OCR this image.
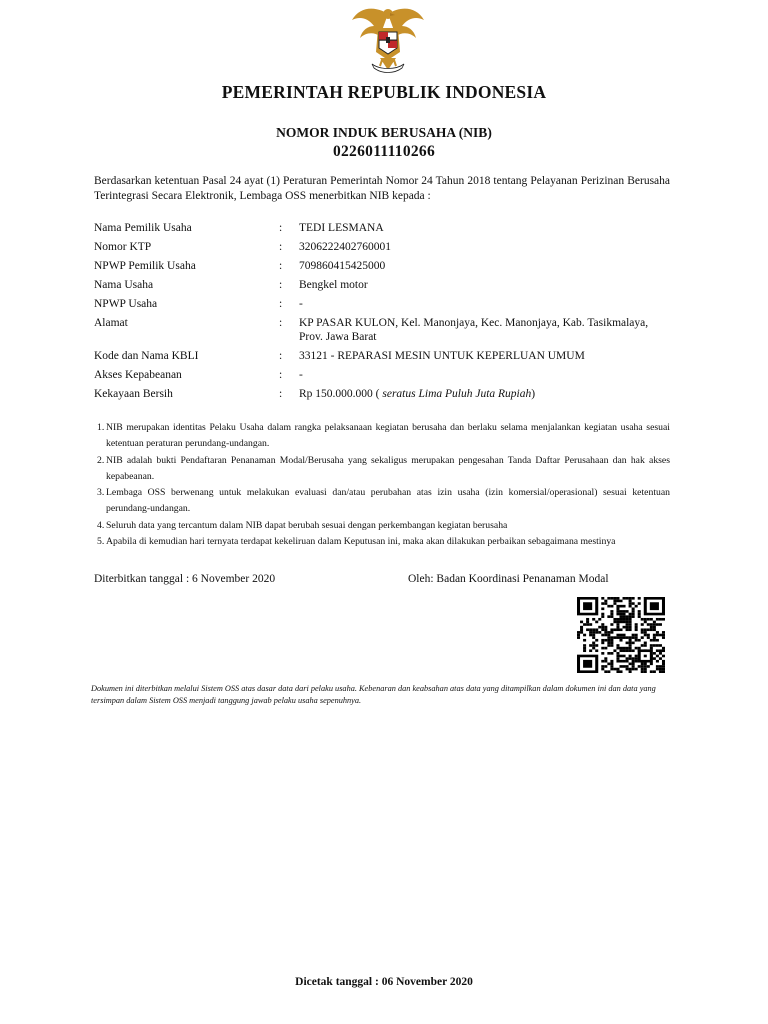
PEMERINTAH REPUBLIK INDONESIA
NOMOR INDUK BERUSAHA (NIB)
0226011110266
Berdasarkan ketentuan Pasal 24 ayat (1) Peraturan Pemerintah Nomor 24 Tahun 2018 tentang Pelayanan Perizinan Berusaha Terintegrasi Secara Elektronik, Lembaga OSS menerbitkan NIB kepada :
Nama Pemilik Usaha	:	TEDI LESMANA
Nomor KTP	:	3206222402760001
NPWP Pemilik Usaha	:	709860415425000
Nama Usaha	:	Bengkel motor
NPWP Usaha	:	-
Alamat	:	KP PASAR KULON, Kel. Manonjaya, Kec. Manonjaya, Kab. Tasikmalaya, Prov. Jawa Barat
Kode dan Nama KBLI	:	33121 - REPARASI MESIN UNTUK KEPERLUAN UMUM
Akses Kepabeanan	:	-
Kekayaan Bersih	:	Rp 150.000.000 ( seratus Lima Puluh Juta Rupiah)
1. NIB merupakan identitas Pelaku Usaha dalam rangka pelaksanaan kegiatan berusaha dan berlaku selama menjalankan kegiatan usaha sesuai ketentuan peraturan perundang-undangan.
2. NIB adalah bukti Pendaftaran Penanaman Modal/Berusaha yang sekaligus merupakan pengesahan Tanda Daftar Perusahaan dan hak akses kepabeanan.
3. Lembaga OSS berwenang untuk melakukan evaluasi dan/atau perubahan atas izin usaha (izin komersial/operasional) sesuai ketentuan perundang-undangan.
4. Seluruh data yang tercantum dalam NIB dapat berubah sesuai dengan perkembangan kegiatan berusaha
5. Apabila di kemudian hari ternyata terdapat kekeliruan dalam Keputusan ini, maka akan dilakukan perbaikan sebagaimana mestinya
Diterbitkan tanggal : 6 November 2020	Oleh: Badan Koordinasi Penanaman Modal
Dokumen ini diterbitkan melalui Sistem OSS atas dasar data dari pelaku usaha. Kebenaran dan keabsahan atas data yang ditampilkan dalam dokumen ini dan data yang tersimpan dalam Sistem OSS menjadi tanggung jawab pelaku usaha sepenuhnya.
Dicetak tanggal : 06 November 2020
